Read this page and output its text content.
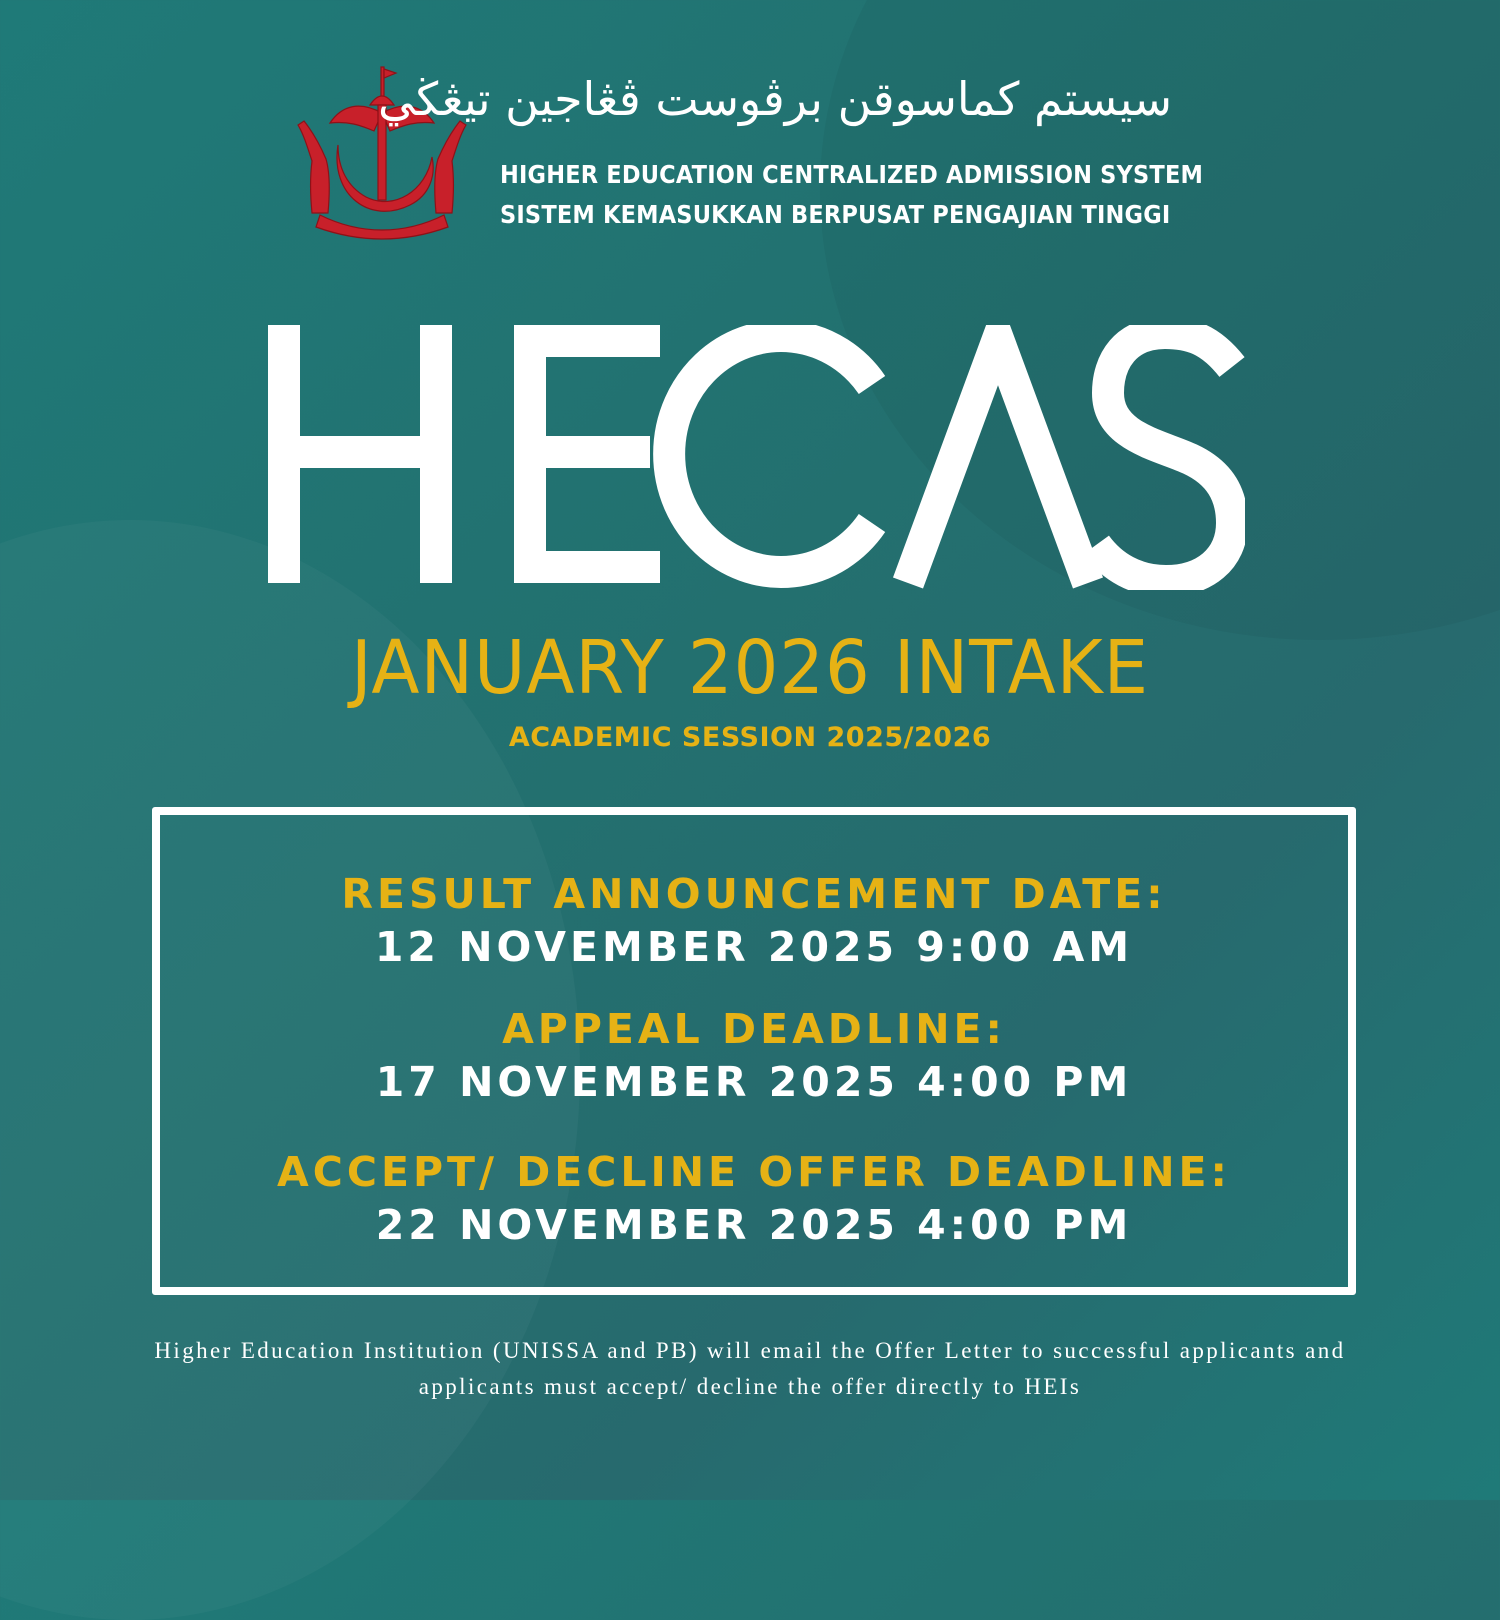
سيستم كماسوقن برڤوست ڤڠاجين تيڠڬي
HIGHER EDUCATION CENTRALIZED ADMISSION SYSTEM
SISTEM KEMASUKKAN BERPUSAT PENGAJIAN TINGGI
JANUARY 2026 INTAKE
ACADEMIC SESSION 2025/2026
RESULT ANNOUNCEMENT DATE:
12 NOVEMBER 2025 9:00 AM
APPEAL DEADLINE:
17 NOVEMBER 2025 4:00 PM
ACCEPT/ DECLINE OFFER DEADLINE:
22 NOVEMBER 2025 4:00 PM
Higher Education Institution (UNISSA and PB) will email the Offer Letter to successful applicants and applicants must accept/ decline the offer directly to HEIs
